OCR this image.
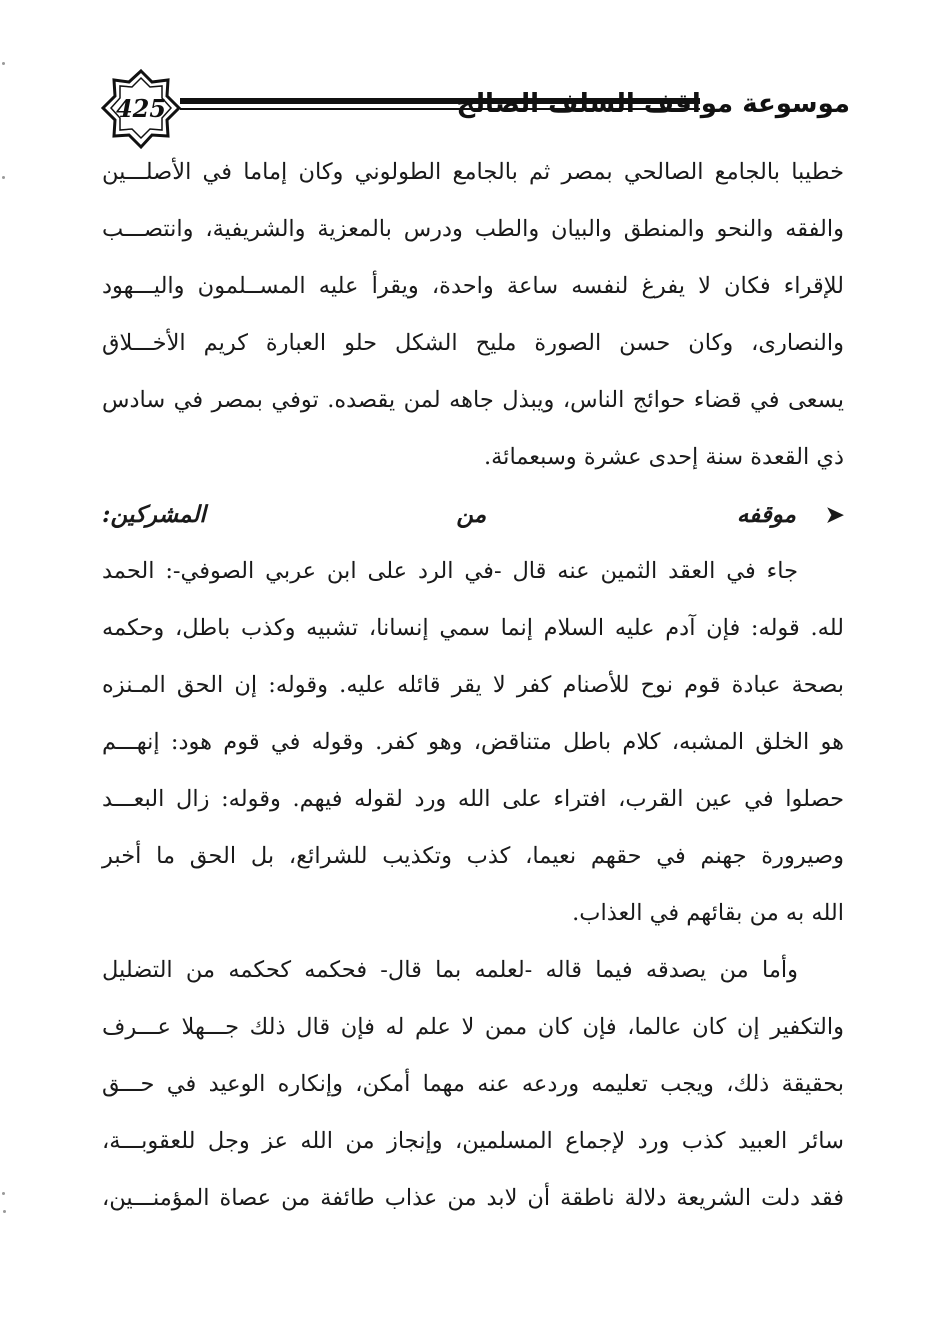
425	موسوعة مواقف السلف الصالح
خطيبا بالجامع الصالحي بمصر ثم بالجامع الطولوني وكان إماما في الأصلـــين
والفقه والنحو والمنطق والبيان والطب ودرس بالمعزية والشريفية، وانتصـــب
للإقراء فكان لا يفرغ لنفسه ساعة واحدة، ويقرأ عليه المســلمون واليـــهود
والنصارى، وكان حسن الصورة مليح الشكل حلو العبارة كريم الأخـــلاق
يسعى في قضاء حوائج الناس، ويبذل جاهه لمن يقصده. توفي بمصر في سادس
ذي القعدة سنة إحدى عشرة وسبعمائة.
➤موقفه من المشركين:
جاء في العقد الثمين عنه قال -في الرد على ابن عربي الصوفي-: الحمد
لله. قوله: فإن آدم عليه السلام إنما سمي إنسانا، تشبيه وكذب باطل، وحكمه
بصحة عبادة قوم نوح للأصنام كفر لا يقر قائله عليه. وقوله: إن الحق المـنزه
هو الخلق المشبه، كلام باطل متناقض، وهو كفر. وقوله في قوم هود: إنهـــم
حصلوا في عين القرب، افتراء على الله ورد لقوله فيهم. وقوله: زال البعـــد
وصيرورة جهنم في حقهم نعيما، كذب وتكذيب للشرائع، بل الحق ما أخبر
الله به من بقائهم في العذاب.
وأما من يصدقه فيما قاله -لعلمه بما قال- فحكمه كحكمه من التضليل
والتكفير إن كان عالما، فإن كان ممن لا علم له فإن قال ذلك جـــهلا عـــرف
بحقيقة ذلك، ويجب تعليمه وردعه عنه مهما أمكن، وإنكاره الوعيد في حـــق
سائر العبيد كذب ورد لإجماع المسلمين، وإنجاز من الله عز وجل للعقوبـــة،
فقد دلت الشريعة دلالة ناطقة أن لابد من عذاب طائفة من عصاة المؤمنـــين،
